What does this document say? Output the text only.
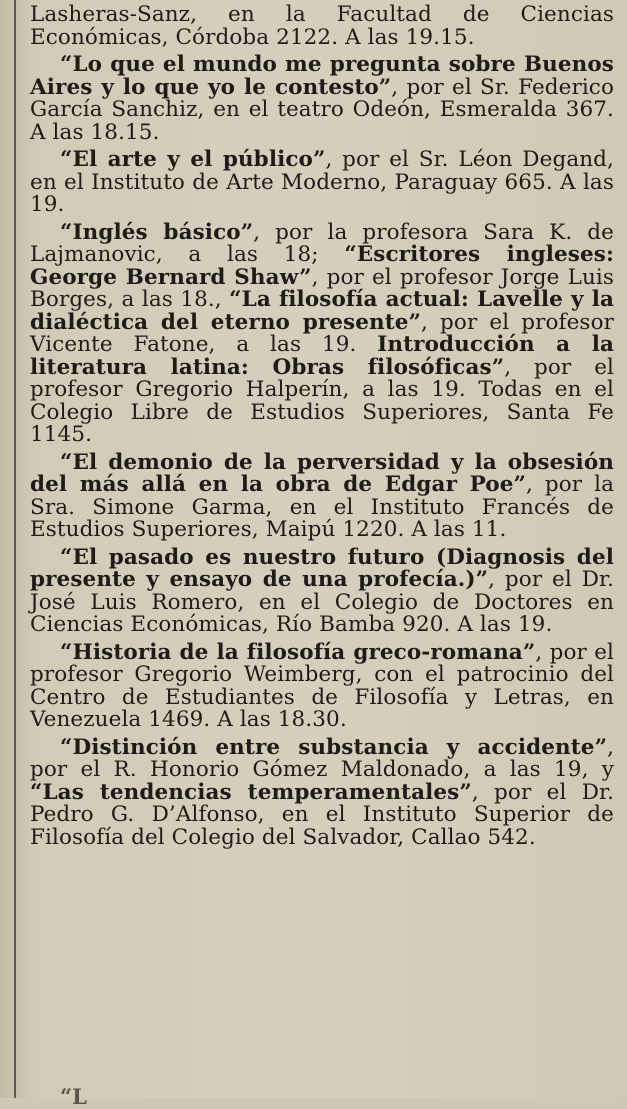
Lasheras-Sanz, en la Facultad de Ciencias Económicas, Córdoba 2122. A las 19.15.

“Lo que el mundo me pregunta sobre Buenos Aires y lo que yo le contesto”, por el Sr. Federico García Sanchiz, en el teatro Odeón, Esmeralda 367. A las 18.15.

“El arte y el público”, por el Sr. Léon Degand, en el Instituto de Arte Moderno, Paraguay 665. A las 19.

“Inglés básico”, por la profesora Sara K. de Lajmanovic, a las 18; “Escritores ingleses: George Bernard Shaw”, por el profesor Jorge Luis Borges, a las 18., “La filosofía actual: Lavelle y la dialéctica del eterno presente”, por el profesor Vicente Fatone, a las 19. Introducción a la literatura latina: Obras filosóficas”, por el profesor Gregorio Halperín, a las 19. Todas en el Colegio Libre de Estudios Superiores, Santa Fe 1145.

“El demonio de la perversidad y la obsesión del más allá en la obra de Edgar Poe”, por la Sra. Simone Garma, en el Instituto Francés de Estudios Superiores, Maipú 1220. A las 11.

“El pasado es nuestro futuro (Diagnosis del presente y ensayo de una profecía.)”, por el Dr. José Luis Romero, en el Colegio de Doctores en Ciencias Económicas, Río Bamba 920. A las 19.

“Historia de la filosofía greco-romana”, por el profesor Gregorio Weimberg, con el patrocinio del Centro de Estudiantes de Filosofía y Letras, en Venezuela 1469. A las 18.30.

“Distinción entre substancia y accidente”, por el R. Honorio Gómez Maldonado, a las 19, y “Las tendencias temperamentales”, por el Dr. Pedro G. D’Alfonso, en el Instituto Superior de Filosofía del Colegio del Salvador, Callao 542.

“L
